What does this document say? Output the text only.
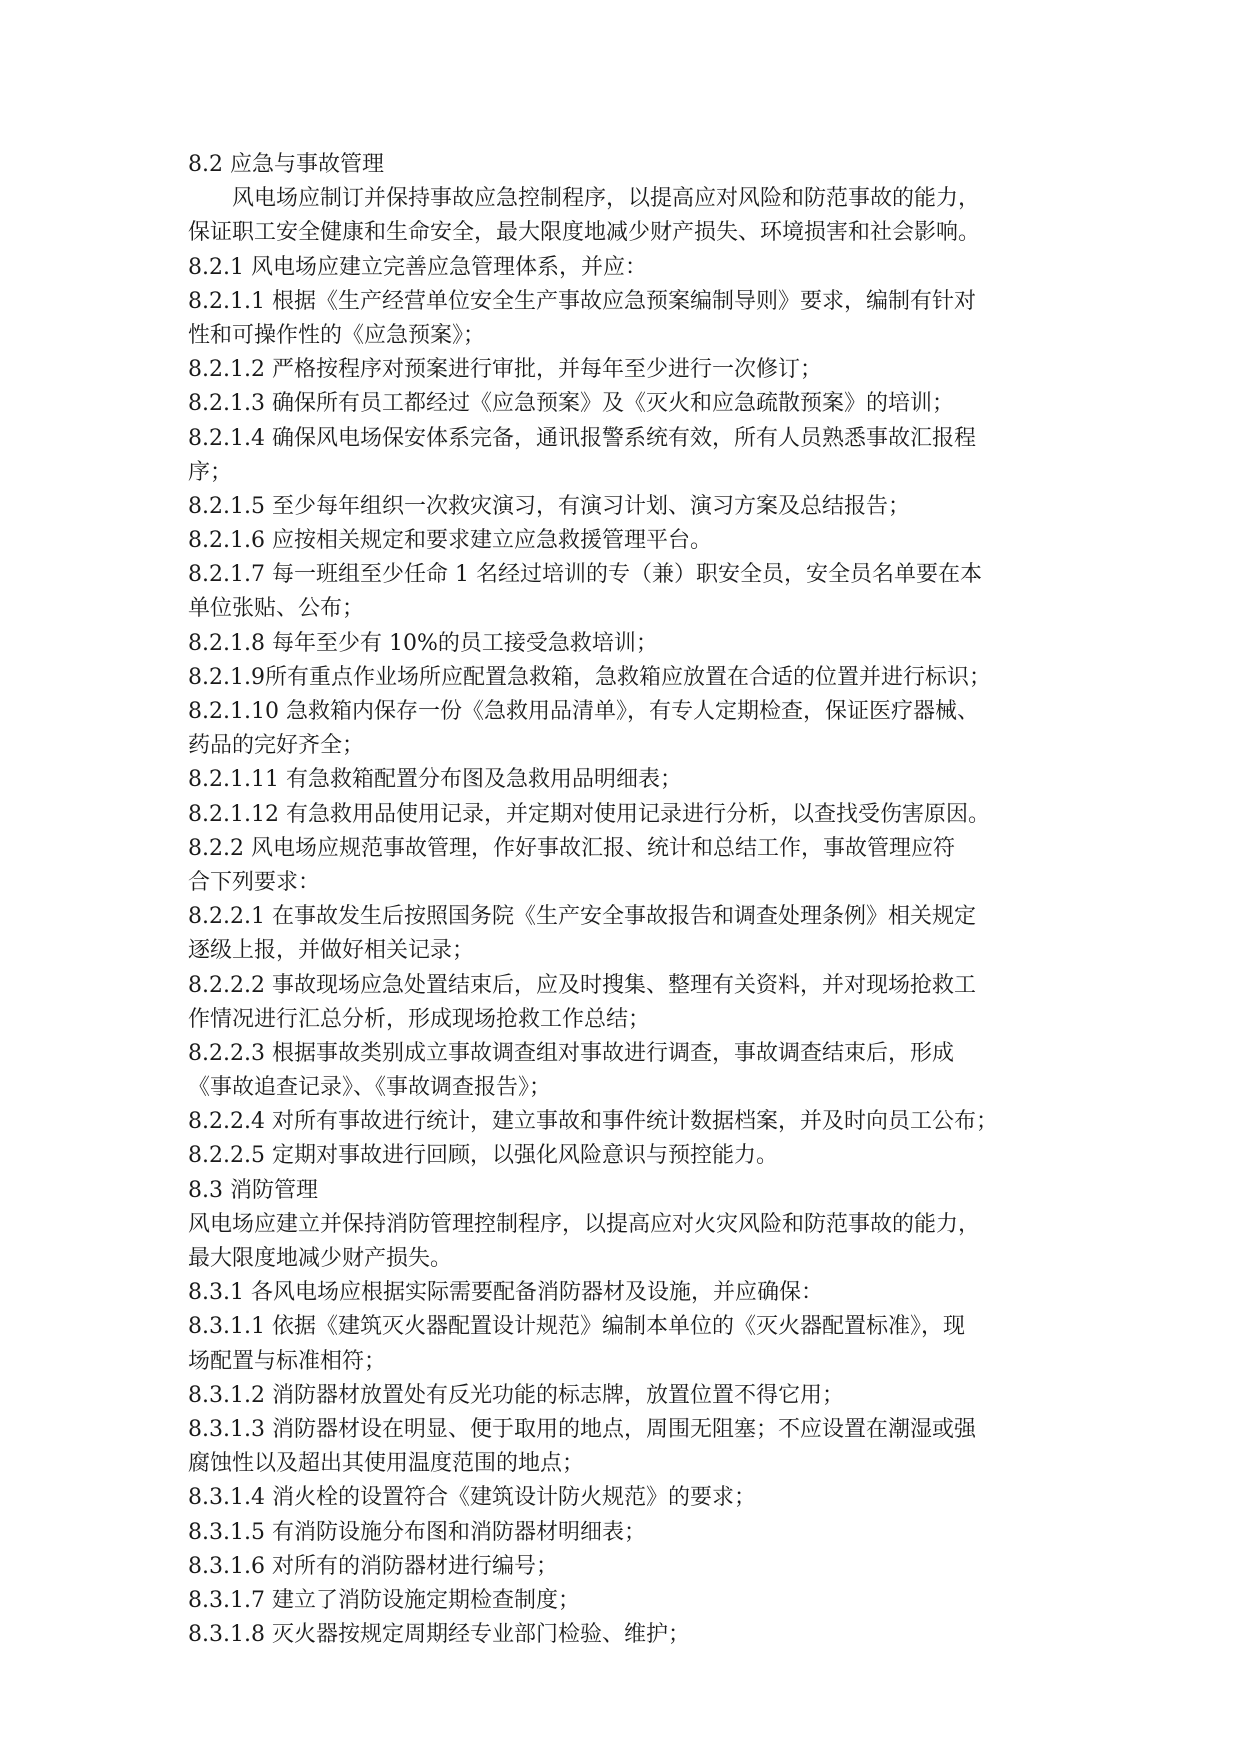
8.2 应急与事故管理
风电场应制订并保持事故应急控制程序，以提高应对风险和防范事故的能力，
保证职工安全健康和生命安全，最大限度地减少财产损失、环境损害和社会影响。
8.2.1 风电场应建立完善应急管理体系，并应：
8.2.1.1 根据《生产经营单位安全生产事故应急预案编制导则》要求，编制有针对
性和可操作性的《应急预案》；
8.2.1.2 严格按程序对预案进行审批，并每年至少进行一次修订；
8.2.1.3 确保所有员工都经过《应急预案》及《灭火和应急疏散预案》的培训；
8.2.1.4 确保风电场保安体系完备，通讯报警系统有效，所有人员熟悉事故汇报程
序；
8.2.1.5 至少每年组织一次救灾演习，有演习计划、演习方案及总结报告；
8.2.1.6 应按相关规定和要求建立应急救援管理平台。
8.2.1.7 每一班组至少任命 1 名经过培训的专（兼）职安全员，安全员名单要在本
单位张贴、公布；
8.2.1.8 每年至少有 10%的员工接受急救培训；
8.2.1.9所有重点作业场所应配置急救箱，急救箱应放置在合适的位置并进行标识；
8.2.1.10 急救箱内保存一份《急救用品清单》，有专人定期检查，保证医疗器械、
药品的完好齐全；
8.2.1.11 有急救箱配置分布图及急救用品明细表；
8.2.1.12 有急救用品使用记录，并定期对使用记录进行分析，以查找受伤害原因。
8.2.2 风电场应规范事故管理，作好事故汇报、统计和总结工作，事故管理应符
合下列要求：
8.2.2.1 在事故发生后按照国务院《生产安全事故报告和调查处理条例》相关规定
逐级上报，并做好相关记录；
8.2.2.2 事故现场应急处置结束后，应及时搜集、整理有关资料，并对现场抢救工
作情况进行汇总分析，形成现场抢救工作总结；
8.2.2.3 根据事故类别成立事故调查组对事故进行调查，事故调查结束后，形成
《事故追查记录》、《事故调查报告》；
8.2.2.4 对所有事故进行统计，建立事故和事件统计数据档案，并及时向员工公布；
8.2.2.5 定期对事故进行回顾，以强化风险意识与预控能力。
8.3 消防管理
风电场应建立并保持消防管理控制程序，以提高应对火灾风险和防范事故的能力，
最大限度地减少财产损失。
8.3.1 各风电场应根据实际需要配备消防器材及设施，并应确保：
8.3.1.1 依据《建筑灭火器配置设计规范》编制本单位的《灭火器配置标准》，现
场配置与标准相符；
8.3.1.2 消防器材放置处有反光功能的标志牌，放置位置不得它用；
8.3.1.3 消防器材设在明显、便于取用的地点，周围无阻塞；不应设置在潮湿或强
腐蚀性以及超出其使用温度范围的地点；
8.3.1.4 消火栓的设置符合《建筑设计防火规范》的要求；
8.3.1.5 有消防设施分布图和消防器材明细表；
8.3.1.6 对所有的消防器材进行编号；
8.3.1.7 建立了消防设施定期检查制度；
8.3.1.8 灭火器按规定周期经专业部门检验、维护；
